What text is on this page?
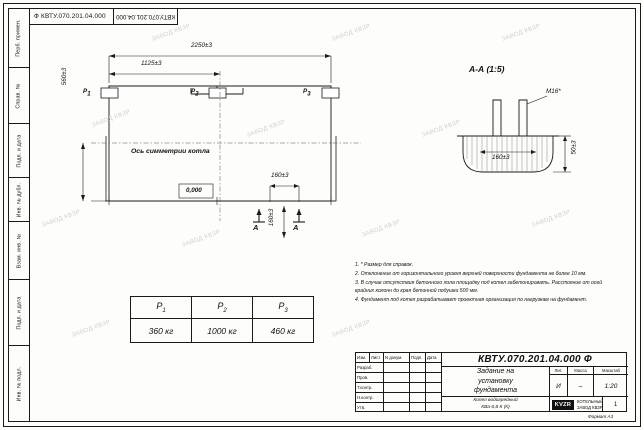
Перб. примен.
Справ. №
Подп. и дата
Инв. № дубл.
Взам. инв. №
Подп. и дата
Инв. № подл.
Ф КВТУ.070.201.04.000	КВТУ.070.201.04.000
560±3
2250±3
1125±3
160±3
160±3
Р1	Р2	Р3
Ось симметрии котла
0,000
А	А
А-А (1:5)
М16*
160±3
50±3
ЗАВОД КВЗР	ЗАВОД КВЗР	ЗАВОД КВЗР
ЗАВОД КВЗР
ЗАВОД КВЗР	ЗАВОД КВЗР
ЗАВОД КВЗР
ЗАВОД КВЗР
ЗАВОД КВЗР
ЗАВОД КВЗР
ЗАВОД КВЗР	ЗАВОД КВЗР

1. * Размер для справок.

2. Отклонение от горизонтального уровня верхней поверхности фундамента не более 10 мм.

3. В случае отсутствия бетонного пола площадку под котел забетонировать. Расстояние от осей крайних колонн до края бетонной подушки 500 мм.

4. Фундамент под котел разрабатывает проектная организация по нагрузкам на фундамент.

$Р_1$	$Р_2$	$Р_3$
360 кг	1000 кг	460 кг
Изм.	Лист	N докум.	Подп.	Дата
Разраб.
Пров.
Т.контр.
Н.контр.
Утв.
КВТУ.070.201.04.000 Ф
Задание на
установку
фундамента
Копел водогрейный
КВа-0,8 К (К)
Лит.
И
Масса
–
Масштаб
1:20
KVZR	КОТЕЛЬНЫЙ
ЗАВОД КВЗР 1
Формат А3
